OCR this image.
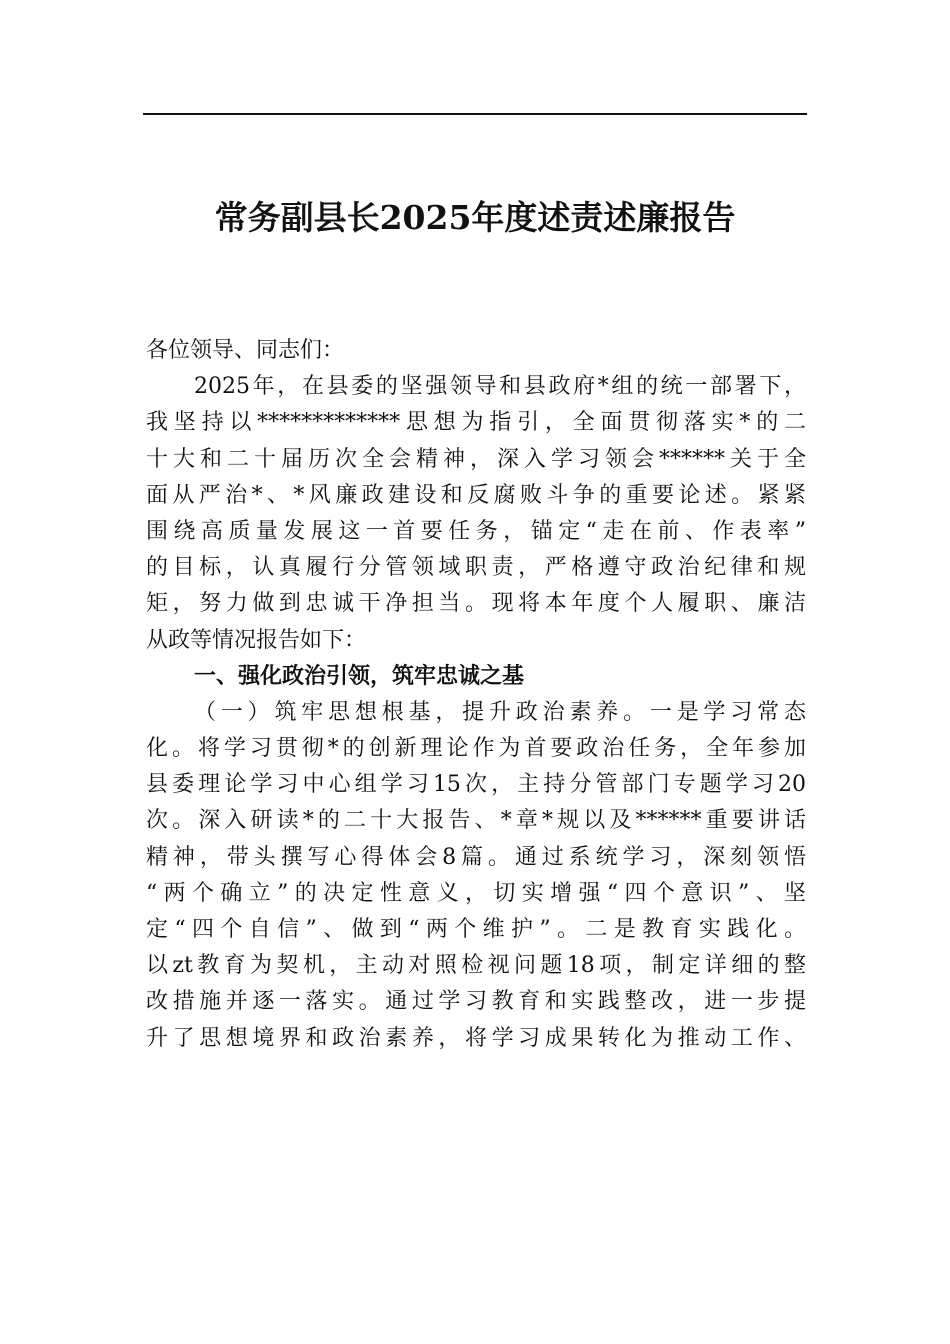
常务副县长2025年度述责述廉报告
各位领导、同志们：
2025年，在县委的坚强领导和县政府*组的统一部署下，
我坚持以*************思想为指引，全面贯彻落实*的二
十大和二十届历次全会精神，深入学习领会******关于全
面从严治*、*风廉政建设和反腐败斗争的重要论述。紧紧
围绕高质量发展这一首要任务，锚定“走在前、作表率”
的目标，认真履行分管领域职责，严格遵守政治纪律和规
矩，努力做到忠诚干净担当。现将本年度个人履职、廉洁
从政等情况报告如下：
一、强化政治引领，筑牢忠诚之基
（一）筑牢思想根基，提升政治素养。一是学习常态
化。将学习贯彻*的创新理论作为首要政治任务，全年参加
县委理论学习中心组学习15次，主持分管部门专题学习20
次。深入研读*的二十大报告、*章*规以及******重要讲话
精神，带头撰写心得体会8篇。通过系统学习，深刻领悟
“两个确立”的决定性意义，切实增强“四个意识”、坚
定“四个自信”、做到“两个维护”。二是教育实践化。
以zt教育为契机，主动对照检视问题18项，制定详细的整
改措施并逐一落实。通过学习教育和实践整改，进一步提
升了思想境界和政治素养，将学习成果转化为推动工作、
